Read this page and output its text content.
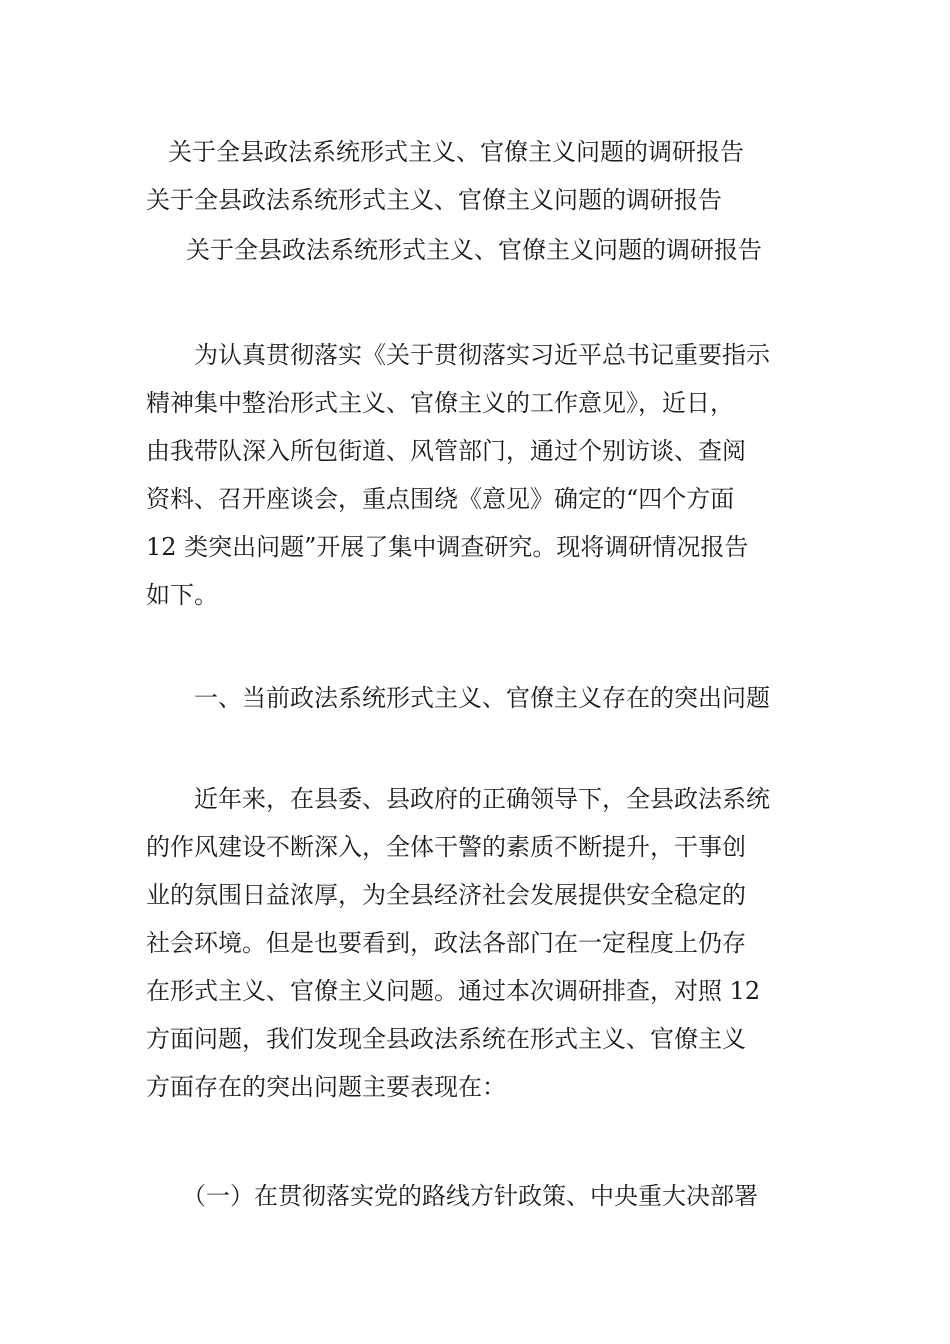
关于全县政法系统形式主义、官僚主义问题的调研报告
关于全县政法系统形式主义、官僚主义问题的调研报告
关于全县政法系统形式主义、官僚主义问题的调研报告
　　为认真贯彻落实《关于贯彻落实习近平总书记重要指示
精神集中整治形式主义、官僚主义的工作意见》，近日，
由我带队深入所包街道、风管部门，通过个别访谈、查阅
资料、召开座谈会，重点围绕《意见》确定的“四个方面
12 类突出问题”开展了集中调查研究。现将调研情况报告
如下。
　　一、当前政法系统形式主义、官僚主义存在的突出问题
　　近年来，在县委、县政府的正确领导下，全县政法系统
的作风建设不断深入，全体干警的素质不断提升，干事创
业的氛围日益浓厚，为全县经济社会发展提供安全稳定的
社会环境。但是也要看到，政法各部门在一定程度上仍存
在形式主义、官僚主义问题。通过本次调研排查，对照 12
方面问题，我们发现全县政法系统在形式主义、官僚主义
方面存在的突出问题主要表现在：
　　（一）在贯彻落实党的路线方针政策、中央重大决部署
